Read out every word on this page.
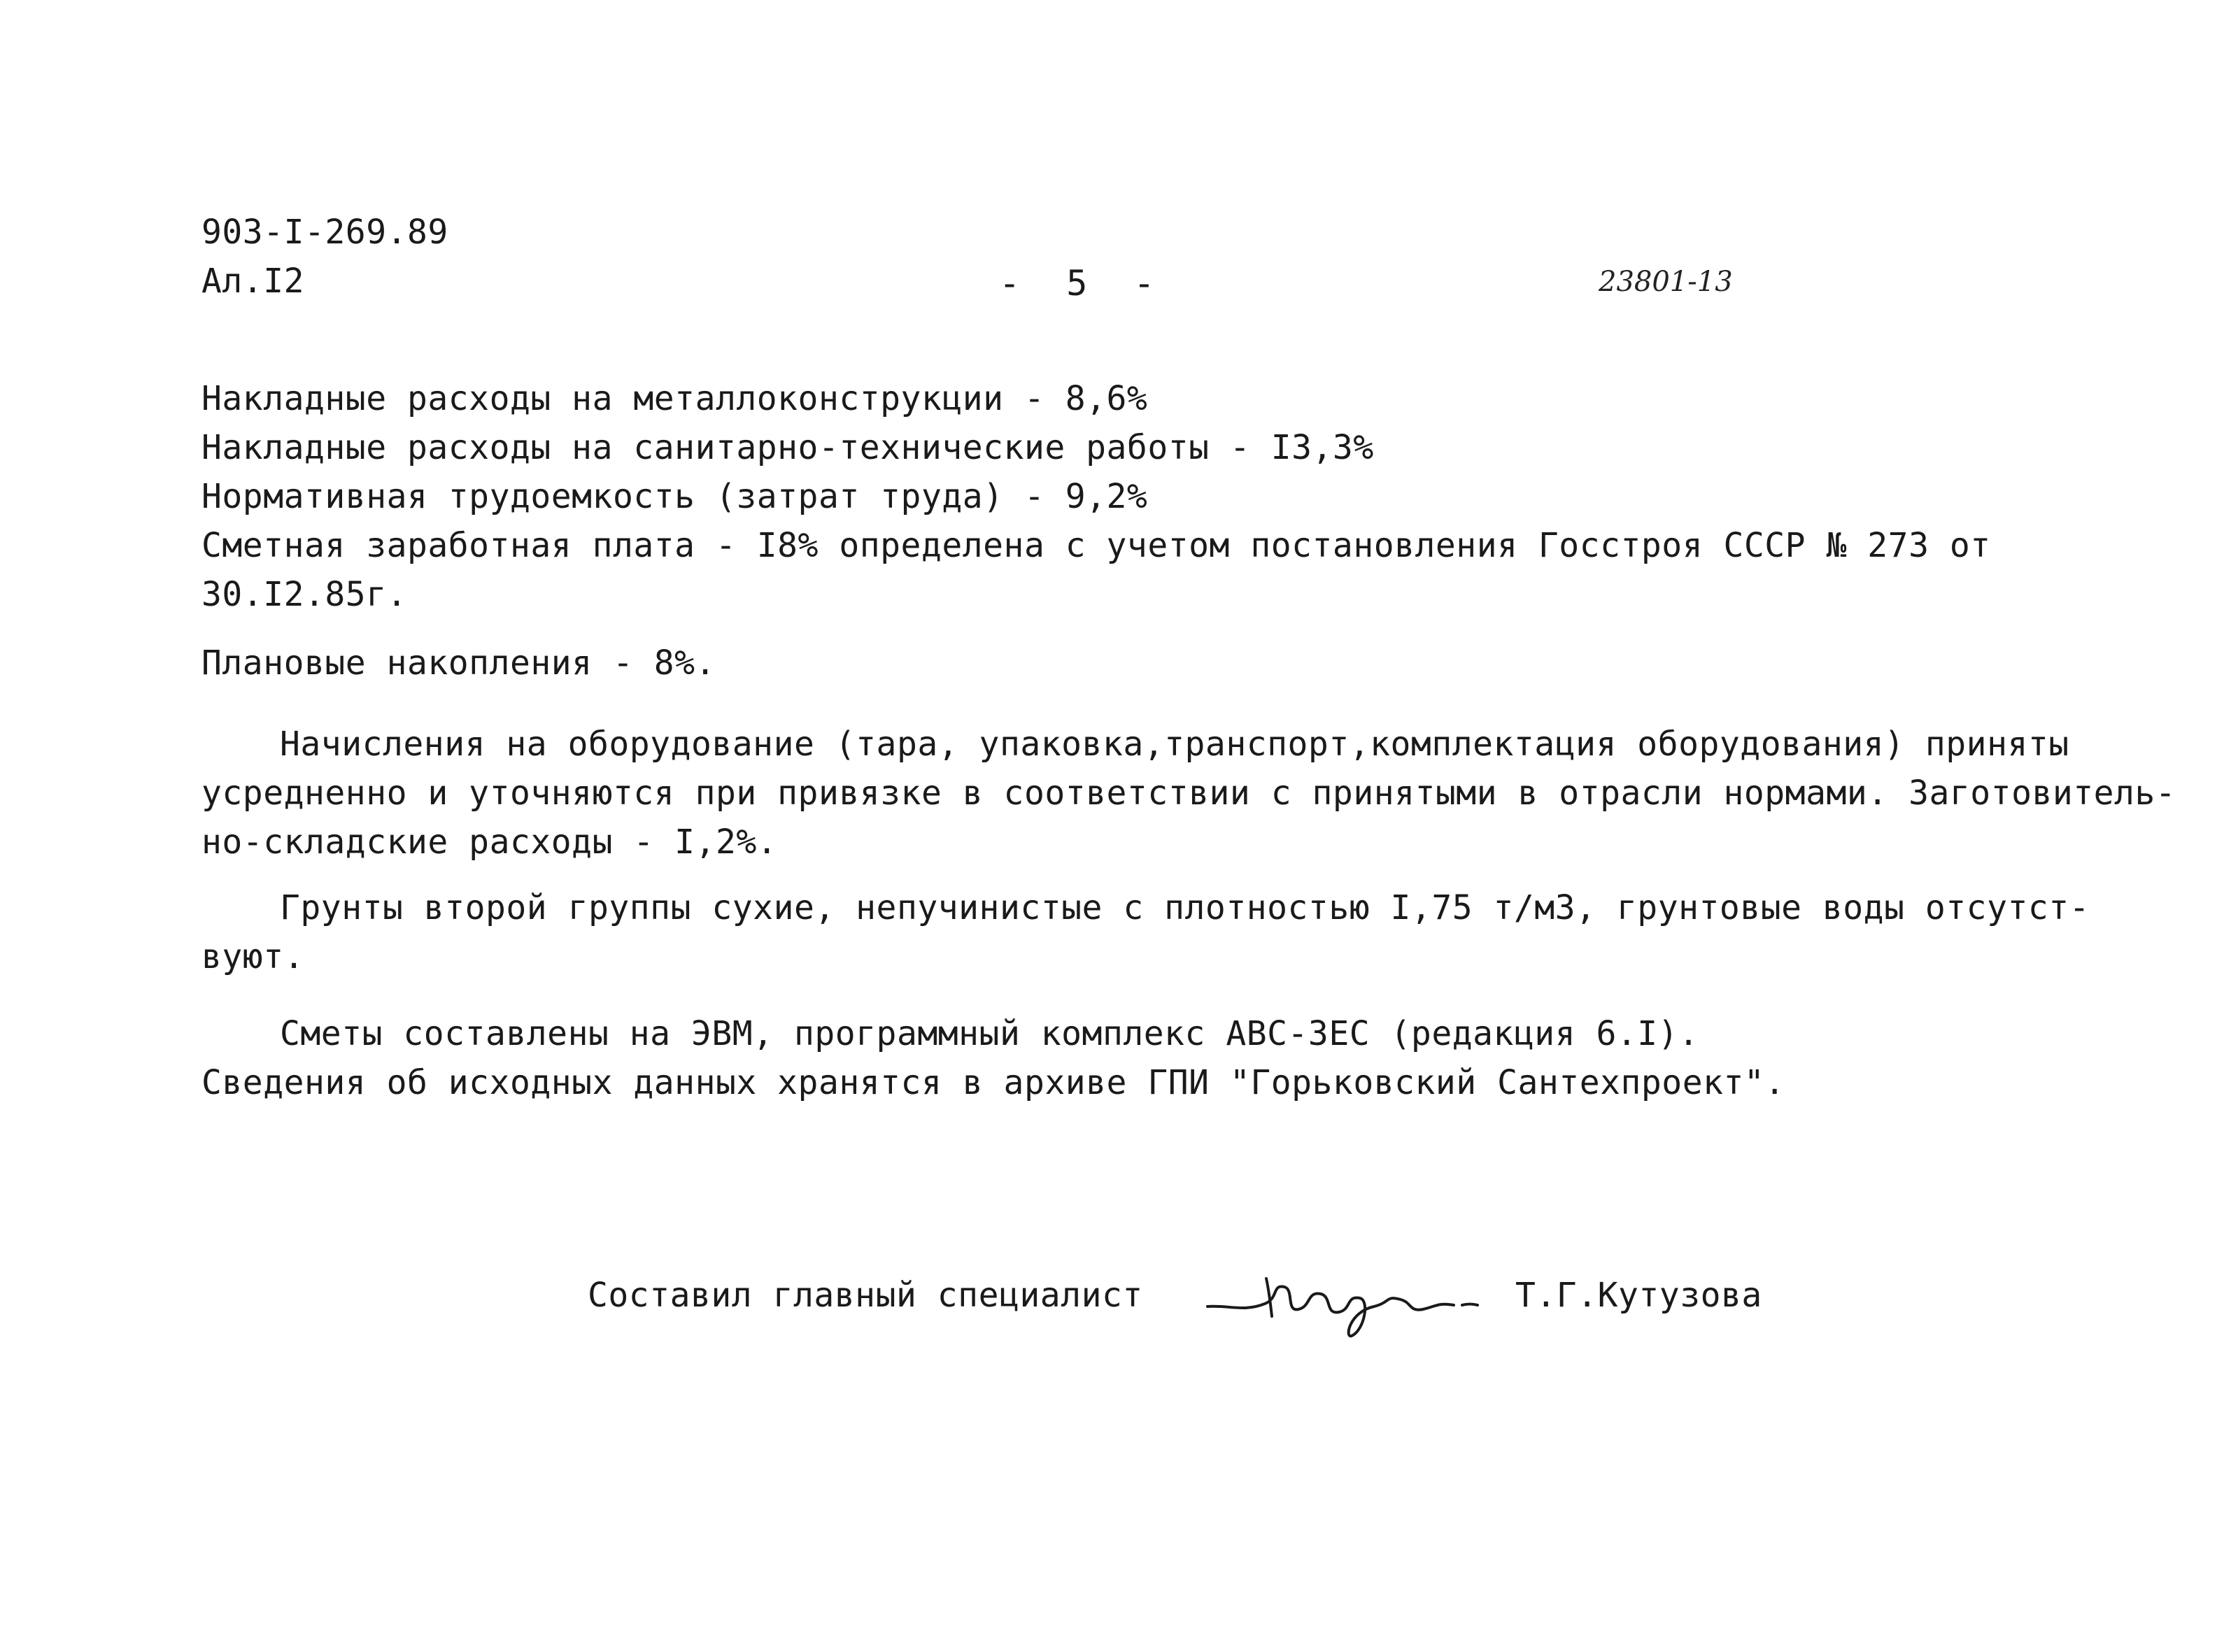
903-I-269.89
Ал.I2	- 5 -	23801-13
Накладные расходы на металлоконструкции - 8,6%
Накладные расходы на санитарно-технические работы - I3,3%
Нормативная трудоемкость (затрат труда) - 9,2%
Сметная заработная плата - I8% определена с учетом постановления Госстроя СССР № 273 от
30.I2.85г.
Плановые накопления - 8%.
Начисления на оборудование (тара, упаковка,транспорт,комплектация оборудования) приняты
усредненно и уточняются при привязке в соответствии с принятыми в отрасли нормами. Заготовитель-
но-складские расходы - I,2%.
Грунты второй группы сухие, непучинистые с плотностью I,75 т/м3, грунтовые воды отсутст-
вуют.
Сметы составлены на ЭВМ, программный комплекс АВС-3ЕС (редакция 6.I).
Сведения об исходных данных хранятся в архиве ГПИ "Горьковский Сантехпроект".
Составил главный специалист	Т.Г.Кутузова
